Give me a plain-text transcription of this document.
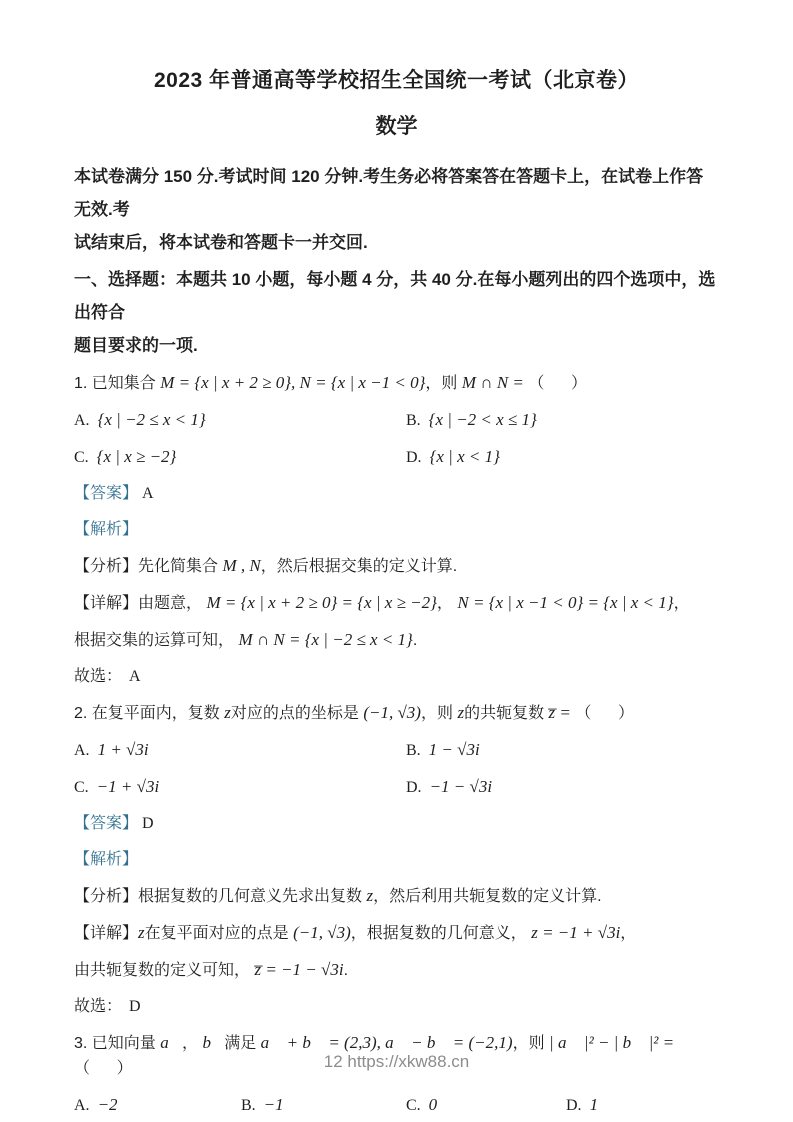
2023 年普通高等学校招生全国统一考试（北京卷）
数学

本试卷满分 150 分.考试时间 120 分钟.考生务必将答案答在答题卡上，在试卷上作答无效.考
试结束后，将本试卷和答题卡一并交回.

一、选择题：本题共 10 小题，每小题 4 分，共 40 分.在每小题列出的四个选项中，选出符合
题目要求的一项.

1. 已知集合 M = {x | x + 2 ≥ 0}, N = {x | x −1 < 0}，则 M ∩ N = （      ）
A. {x | −2 ≤ x < 1}	B. {x | −2 < x ≤ 1}
C. {x | x ≥ −2}	D. {x | x < 1}
【答案】 A
【解析】
【分析】先化简集合 M , N，然后根据交集的定义计算.
【详解】由题意， M = {x | x + 2 ≥ 0} = {x | x ≥ −2}， N = {x | x −1 < 0} = {x | x < 1}，
根据交集的运算可知， M ∩ N = {x | −2 ≤ x < 1}.
故选： A
2. 在复平面内，复数 z对应的点的坐标是 (−1, √3)，则 z的共轭复数 z̅ = （      ）
A. 1 + √3i	B. 1 − √3i
C. −1 + √3i	D. −1 − √3i
【答案】 D
【解析】
【分析】根据复数的几何意义先求出复数 z，然后利用共轭复数的定义计算.
【详解】z在复平面对应的点是 (−1, √3)，根据复数的几何意义， z = −1 + √3i，
由共轭复数的定义可知， z̅ = −1 − √3i.
故选： D
3. 已知向量 a⃗， b⃗满足 a⃗ + b⃗ = (2,3), a⃗ − b⃗ = (−2,1)，则 | a⃗ |² − | b⃗ |² = （      ）
A. −2	B. −1	C. 0	D. 1
12 https://xkw88.cn
